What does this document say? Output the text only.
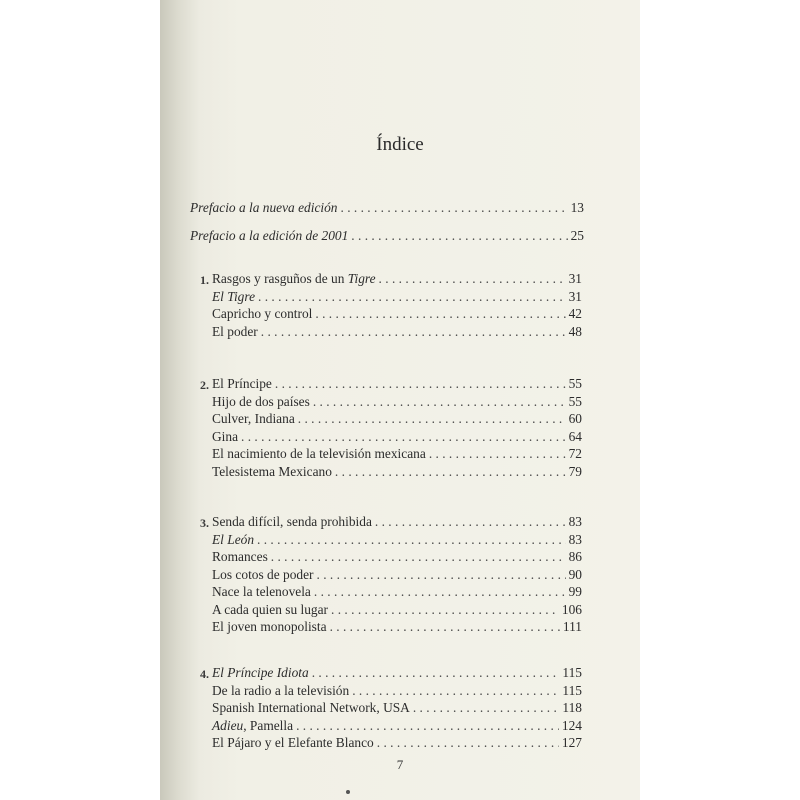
Índice
Prefacio a la nueva edición . . .	13
Prefacio a la edición de 2001 . . .	25
1. Rasgos y rasguños de un Tigre . . .	31
El Tigre . . .	31
Capricho y control . . .	42
El poder . . .	48
2. El Príncipe . . .	55
Hijo de dos países . . .	55
Culver, Indiana . . .	60
Gina . . .	64
El nacimiento de la televisión mexicana . . .	72
Telesistema Mexicano . . .	79
3. Senda difícil, senda prohibida . . .	83
El León . . .	83
Romances . . .	86
Los cotos de poder . . .	90
Nace la telenovela . . .	99
A cada quien su lugar . . .	106
El joven monopolista . . .	111
4. El Príncipe Idiota . . .	115
De la radio a la televisión . . .	115
Spanish International Network, USA . . .	118
Adieu, Pamella . . .	124
El Pájaro y el Elefante Blanco . . .	127
7
